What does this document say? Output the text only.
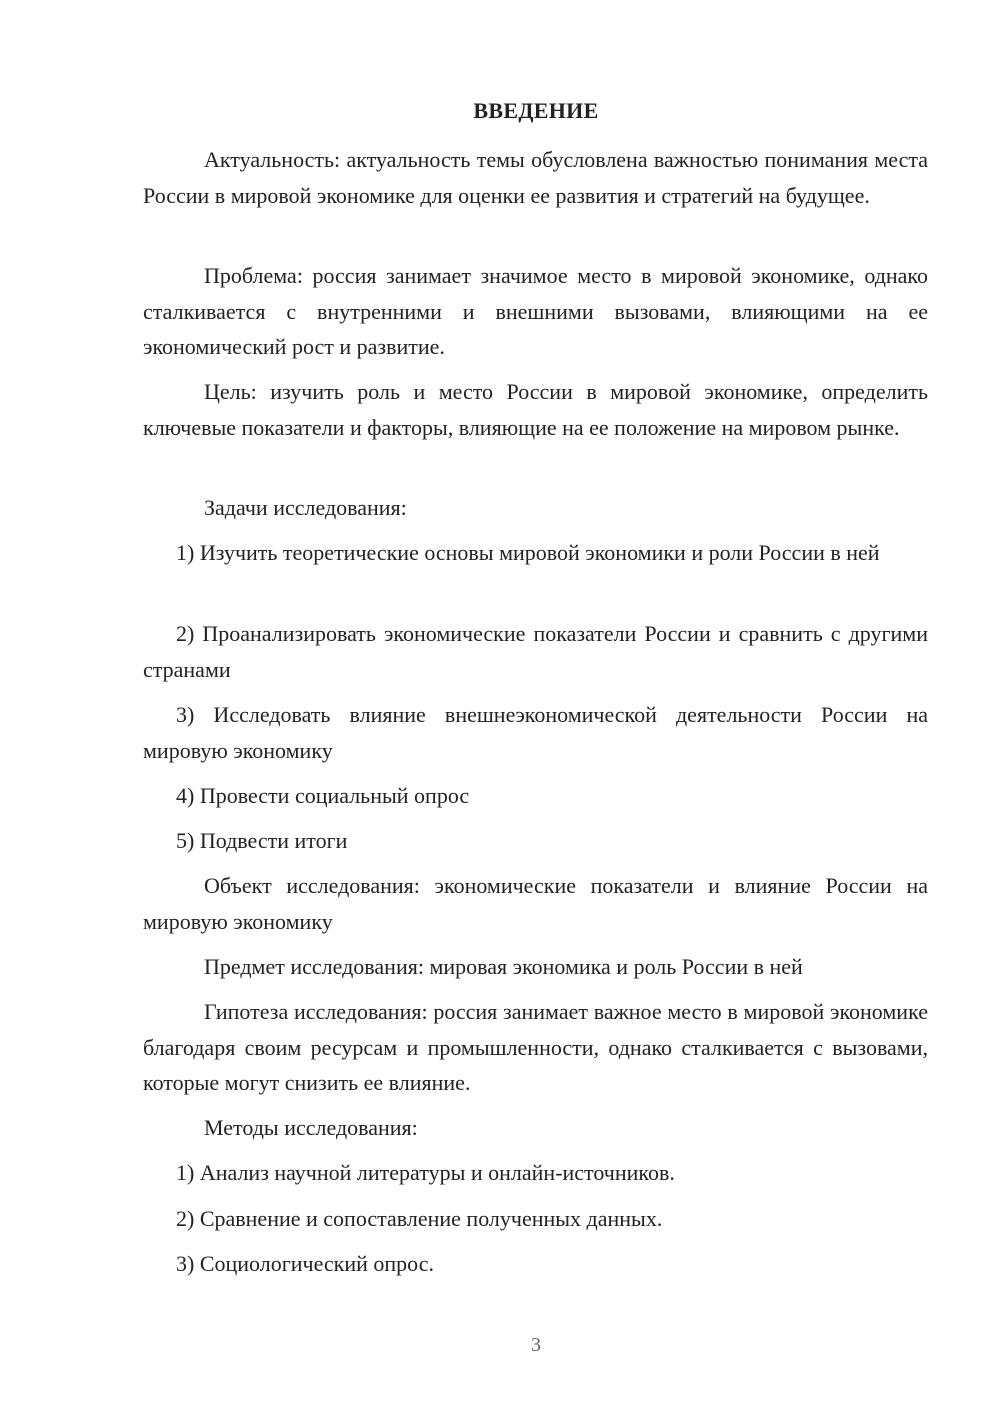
ВВЕДЕНИЕ
Актуальность: актуальность темы обусловлена важностью понимания места России в мировой экономике для оценки ее развития и стратегий на будущее.
Проблема: россия занимает значимое место в мировой экономике, однако сталкивается с внутренними и внешними вызовами, влияющими на ее экономический рост и развитие.
Цель: изучить роль и место России в мировой экономике, определить ключевые показатели и факторы, влияющие на ее положение на мировом рынке.
Задачи исследования:
1) Изучить теоретические основы мировой экономики и роли России в ней
2) Проанализировать экономические показатели России и сравнить с другими странами
3) Исследовать влияние внешнеэкономической деятельности России на мировую экономику
4) Провести социальный опрос
5) Подвести итоги
Объект исследования: экономические показатели и влияние России на мировую экономику
Предмет исследования: мировая экономика и роль России в ней
Гипотеза исследования: россия занимает важное место в мировой экономике благодаря своим ресурсам и промышленности, однако сталкивается с вызовами, которые могут снизить ее влияние.
Методы исследования:
1) Анализ научной литературы и онлайн-источников.
2) Сравнение и сопоставление полученных данных.
3) Социологический опрос.
3
